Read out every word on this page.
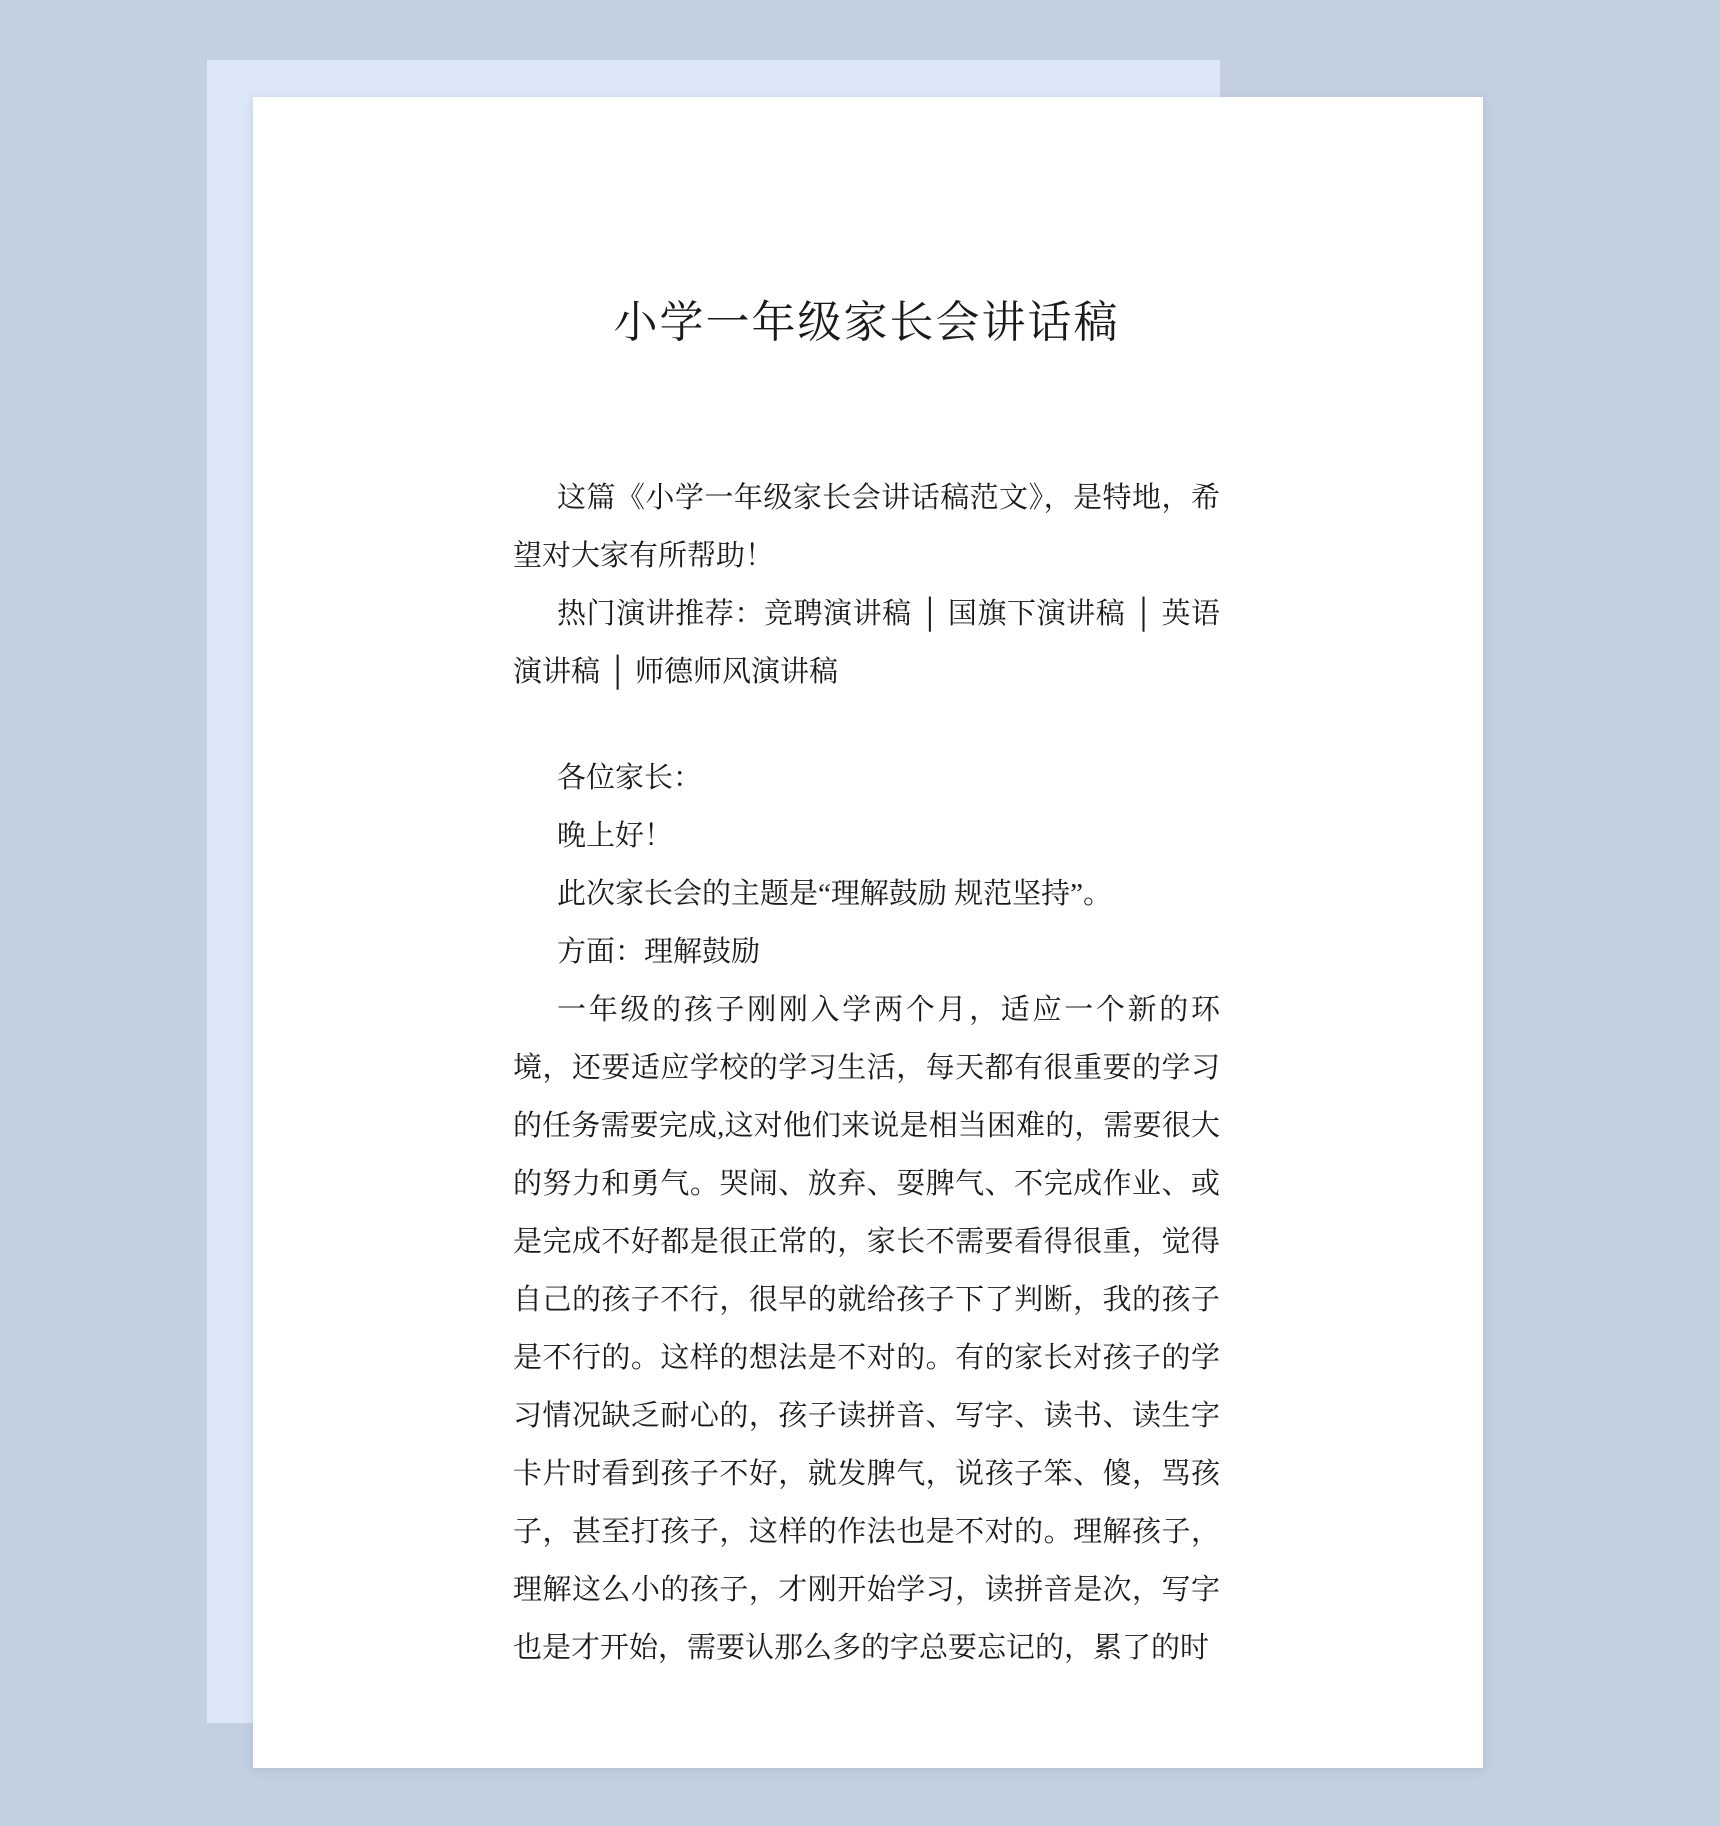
小学一年级家长会讲话稿

这篇《小学一年级家长会讲话稿范文》，是特地，希望对大家有所帮助！

热门演讲推荐：竞聘演讲稿 │ 国旗下演讲稿 │ 英语演讲稿 │ 师德师风演讲稿

各位家长：

晚上好！

此次家长会的主题是“理解鼓励 规范坚持”。

方面：理解鼓励

一年级的孩子刚刚入学两个月，适应一个新的环境，还要适应学校的学习生活，每天都有很重要的学习的任务需要完成,这对他们来说是相当困难的，需要很大的努力和勇气。哭闹、放弃、耍脾气、不完成作业、或是完成不好都是很正常的，家长不需要看得很重，觉得自己的孩子不行，很早的就给孩子下了判断，我的孩子是不行的。这样的想法是不对的。有的家长对孩子的学习情况缺乏耐心的，孩子读拼音、写字、读书、读生字卡片时看到孩子不好，就发脾气，说孩子笨、傻，骂孩子，甚至打孩子，这样的作法也是不对的。理解孩子，理解这么小的孩子，才刚开始学习，读拼音是次，写字也是才开始，需要认那么多的字总要忘记的，累了的时
